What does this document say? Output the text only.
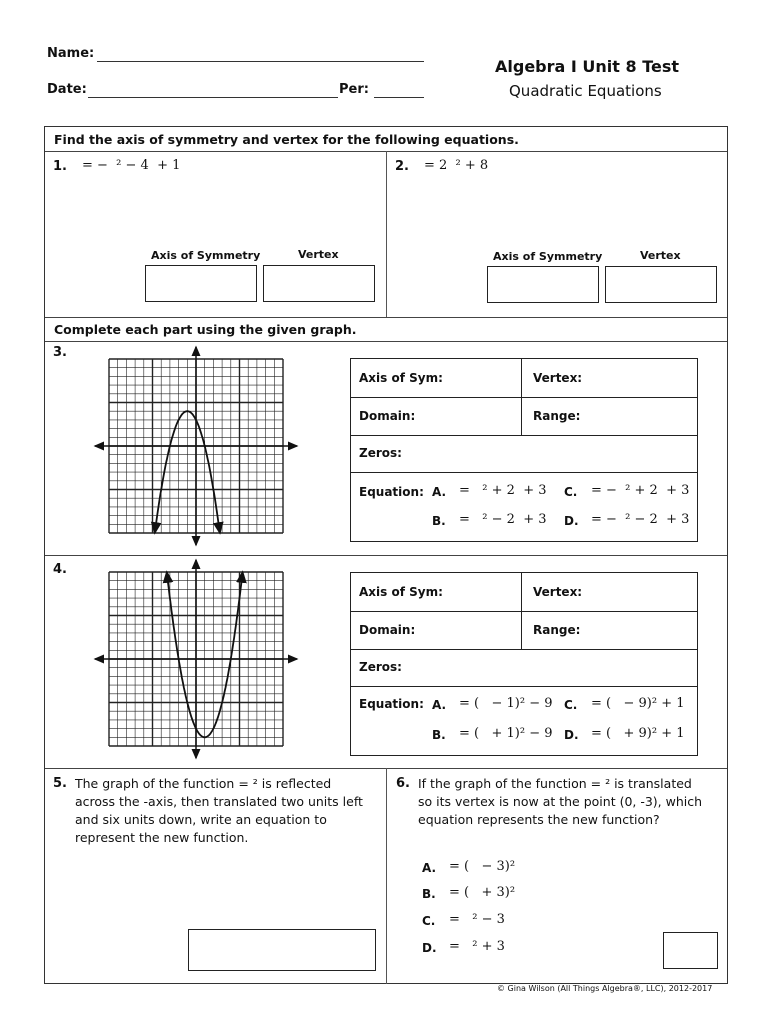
Name:
Date:	Per:
Algebra I Unit 8 Test
Quadratic Equations
Find the axis of symmetry and vertex for the following equations.
Complete each part using the given graph.
1. = −  ² − 4  + 1
Axis of Symmetry	Vertex
2. = 2  ² + 8
Axis of Symmetry	Vertex
3.
Axis of Sym:	Vertex:
Domain:	Range:
Zeros:
Equation: A. =   ² + 2  + 3
B. =   ² − 2  + 3
C. = −  ² + 2  + 3
D. = −  ² − 2  + 3
4.
Axis of Sym:	Vertex:
Domain:	Range:
Zeros:
Equation: A. = (   − 1)² − 9
B. = (   + 1)² − 9
C. = (   − 9)² + 1
D. = (   + 9)² + 1
5. The graph of the function = ² is reflected
across the -axis, then translated two units left
and six units down, write an equation to
represent the new function.
6. If the graph of the function = ² is translated
so its vertex is now at the point (0, -3), which
equation represents the new function?
A. = (   − 3)²
B. = (   + 3)²
C. =   ² − 3
D. =   ² + 3
© Gina Wilson (All Things Algebra®, LLC), 2012-2017
